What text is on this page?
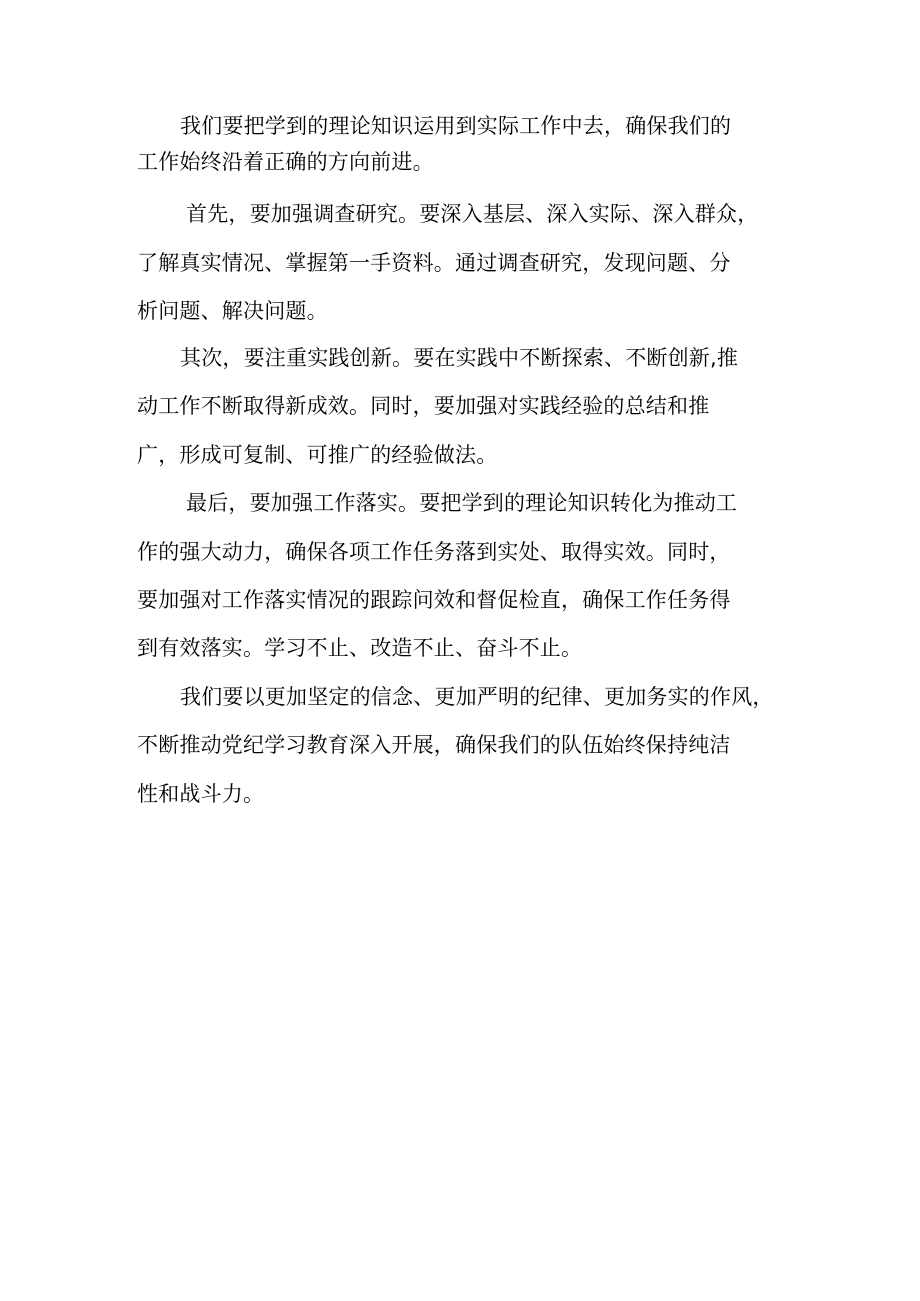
我们要把学到的理论知识运用到实际工作中去，确保我们的
工作始终沿着正确的方向前进。
首先，要加强调查研究。要深入基层、深入实际、深入群众，
了解真实情况、掌握第一手资料。通过调查研究，发现问题、分
析问题、解决问题。
其次，要注重实践创新。要在实践中不断探索、不断创新,推
动工作不断取得新成效。同时，要加强对实践经验的总结和推
广，形成可复制、可推广的经验做法。
最后，要加强工作落实。要把学到的理论知识转化为推动工
作的强大动力，确保各项工作任务落到实处、取得实效。同时，
要加强对工作落实情况的跟踪问效和督促检直，确保工作任务得
到有效落实。学习不止、改造不止、奋斗不止。
我们要以更加坚定的信念、更加严明的纪律、更加务实的作风，
不断推动党纪学习教育深入开展，确保我们的队伍始终保持纯洁
性和战斗力。
